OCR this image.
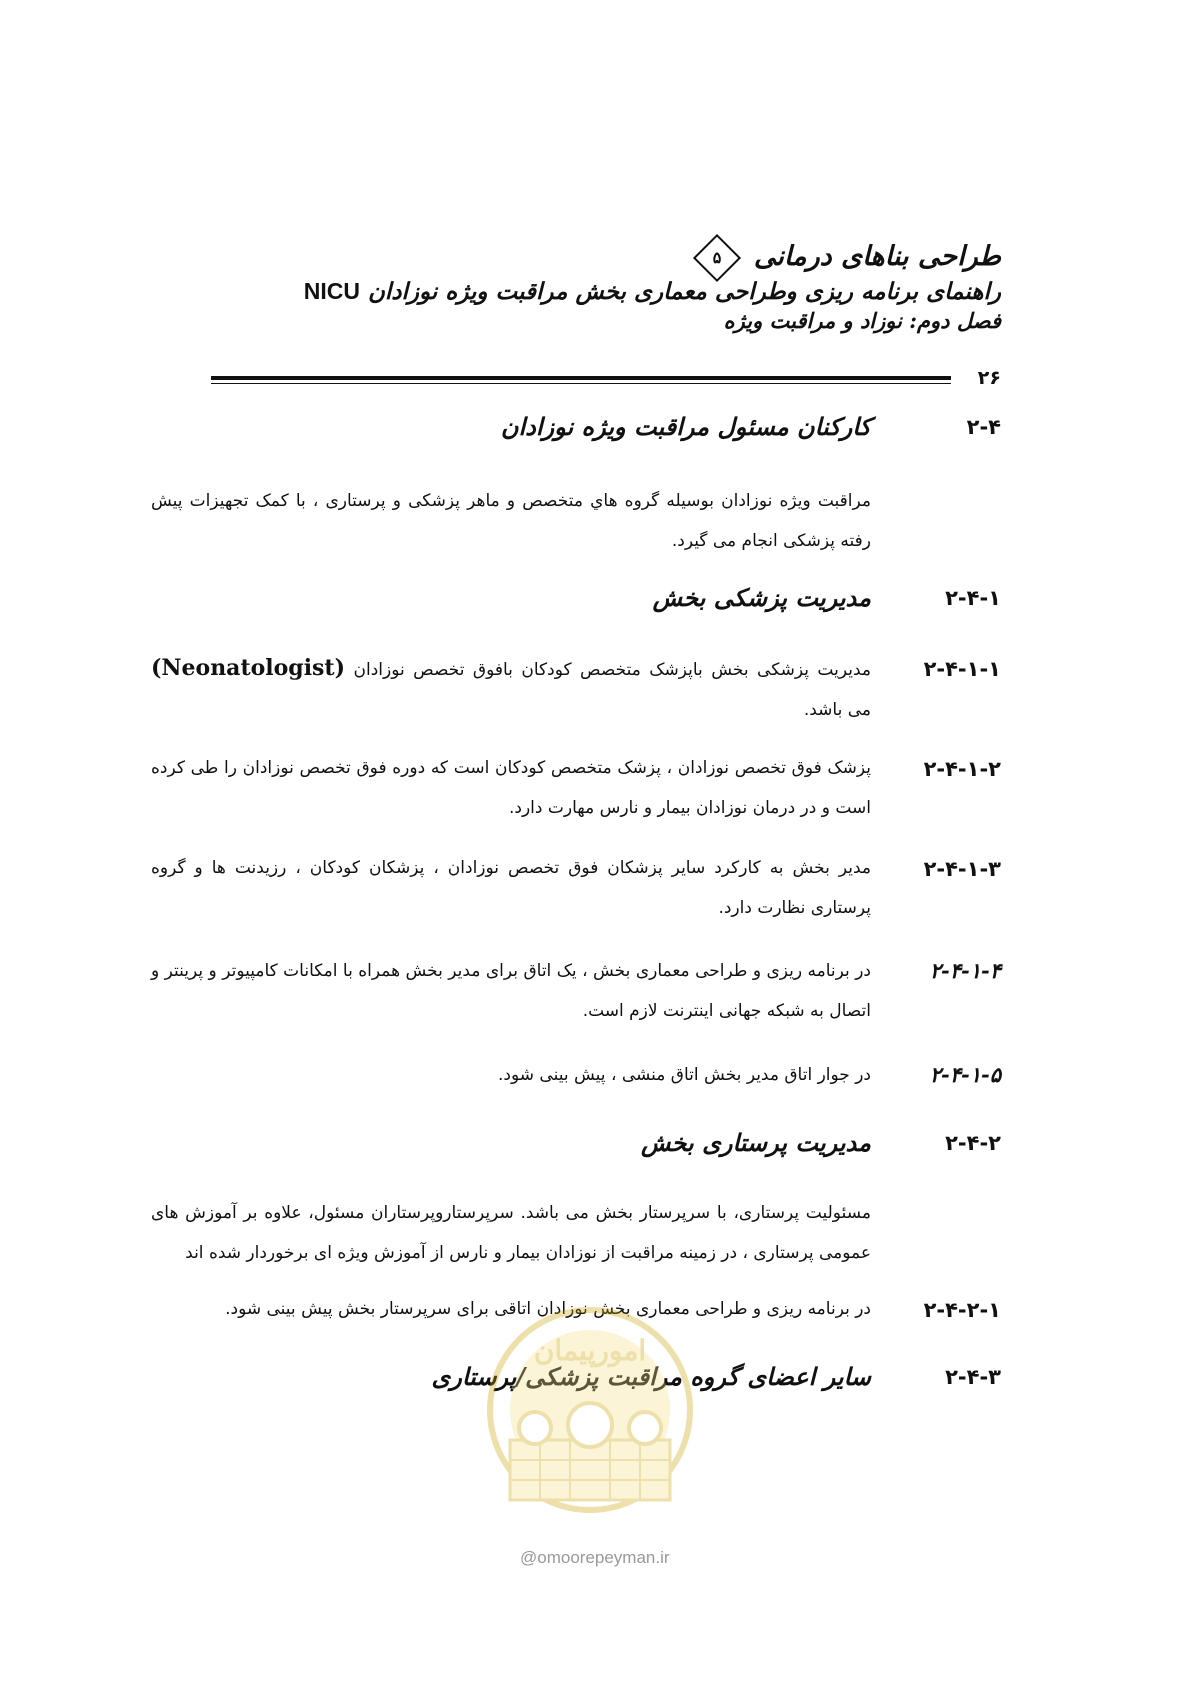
طراحی بناهای درمانی
۵
راهنمای برنامه ریزی وطراحی معماری بخش مراقبت ویژه نوزادان NICU
فصل دوم: نوزاد و مراقبت ویژه
۲۶
۲-۴
کارکنان مسئول مراقبت ویژه نوزادان
مراقبت ویژه نوزادان بوسیله گروه هاي متخصص و ماهر پزشکی و پرستاری ، با کمک تجهیزات پیش رفته پزشکی انجام می گیرد.
۲-۴-۱
مدیریت پزشکی بخش
۲-۴-۱-۱
مدیریت پزشکی بخش باپزشک متخصص کودکان بافوق تخصص نوزادان (Neonatologist) می باشد.
۲-۴-۱-۲
پزشک فوق تخصص نوزادان ، پزشک متخصص کودکان است که دوره فوق تخصص نوزادان را طی کرده است و در درمان نوزادان بیمار و نارس مهارت دارد.
۲-۴-۱-۳
مدیر بخش به کارکرد سایر پزشکان فوق تخصص نوزادان ، پزشکان کودکان ، رزیدنت ها و گروه پرستاری نظارت دارد.
۲-۴-۱-۴
در برنامه ریزی و طراحی معماری بخش ، یک اتاق برای مدیر بخش همراه با امکانات کامپیوتر و پرینتر و اتصال به شبکه جهانی اینترنت لازم است.
۲-۴-۱-۵
در جوار اتاق مدیر بخش اتاق منشی ، پیش بینی شود.
۲-۴-۲
مدیریت پرستاری بخش
مسئولیت پرستاری، با سرپرستار بخش می باشد. سرپرستاروپرستاران مسئول، علاوه بر آموزش های عمومی پرستاری ، در زمینه مراقبت از نوزادان بیمار و نارس از آموزش ویژه ای برخوردار شده اند
۲-۴-۲-۱
در برنامه ریزی و طراحی معماری بخش نوزادان اتاقی برای سرپرستار بخش پیش بینی شود.
۲-۴-۳
سایر اعضای گروه مراقبت پزشکی/پرستاری
امورپیمان
@omoorepeyman.ir
